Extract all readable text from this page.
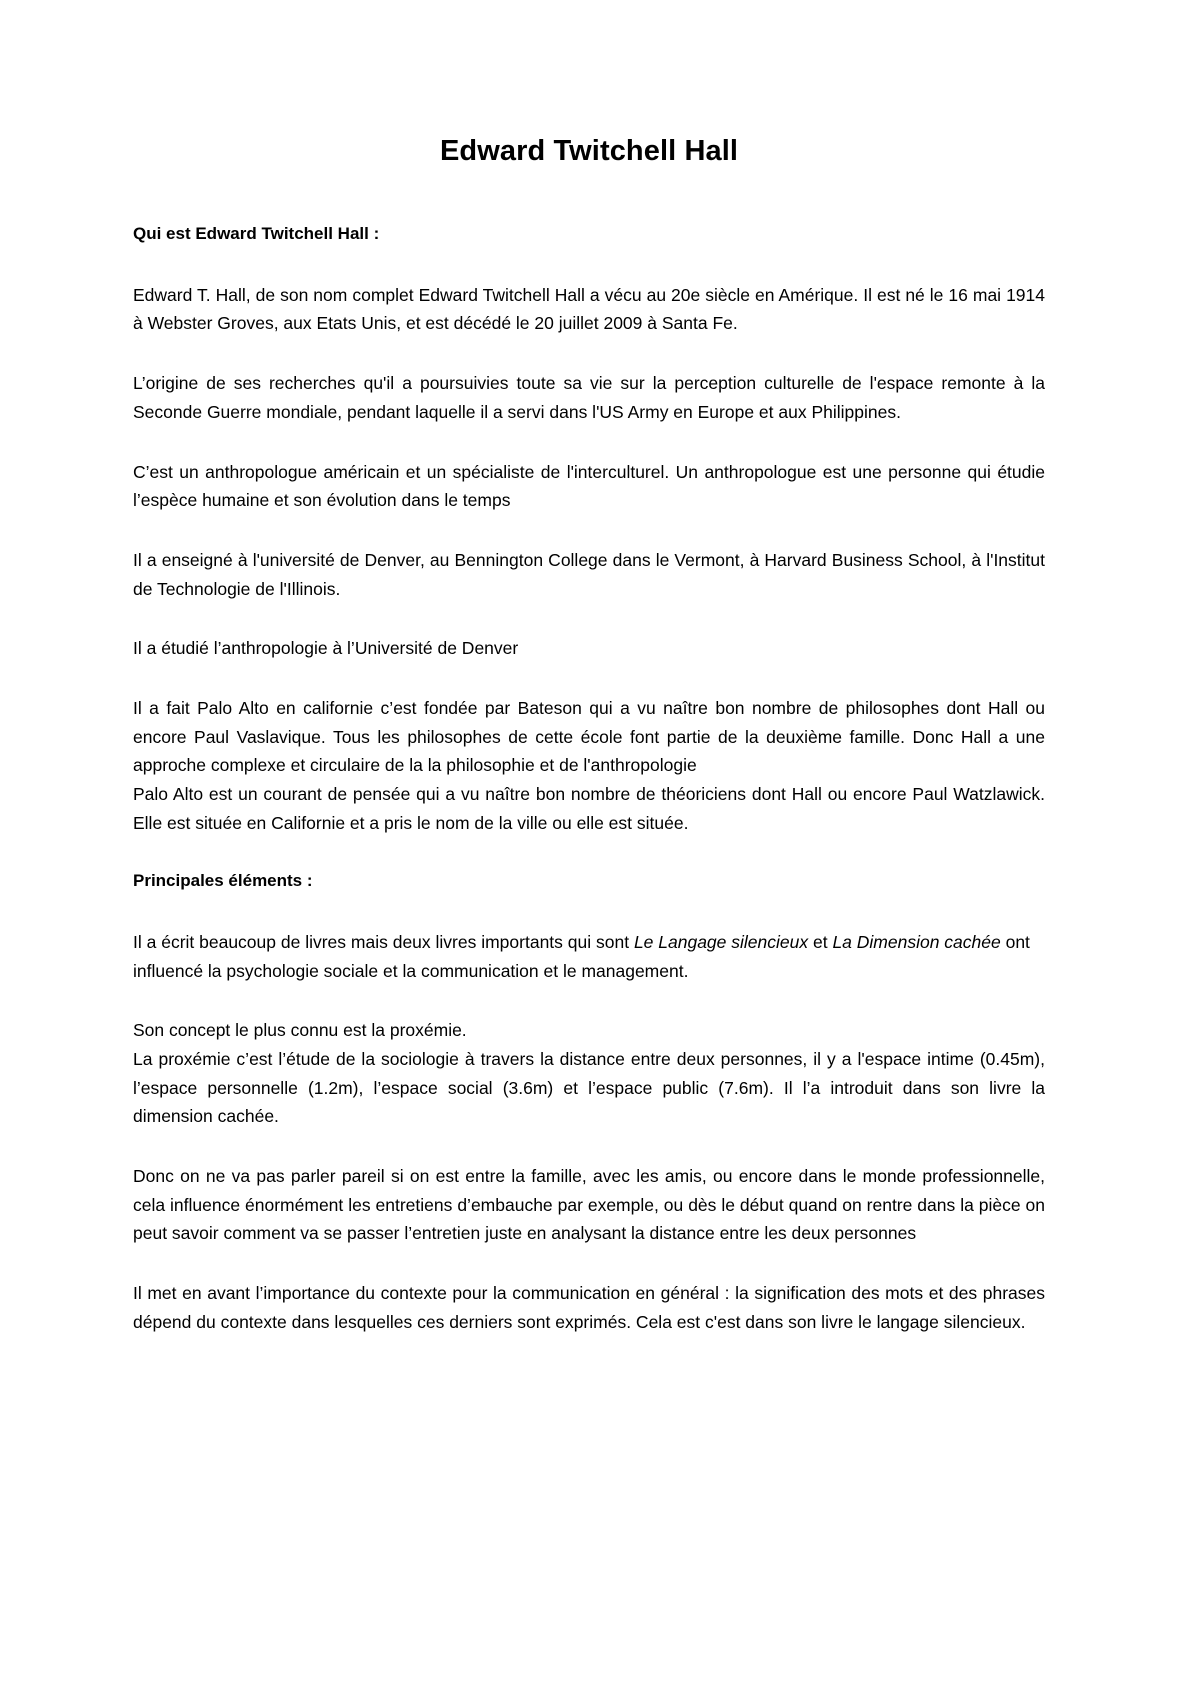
Edward Twitchell Hall
Qui est Edward Twitchell Hall :

Edward T. Hall, de son nom complet Edward Twitchell Hall a vécu au 20e siècle en Amérique. Il est né le 16 mai 1914 à Webster Groves, aux Etats Unis, et est décédé le 20 juillet 2009 à Santa Fe.

L’origine de ses recherches qu'il a poursuivies toute sa vie sur la perception culturelle de l'espace remonte à la Seconde Guerre mondiale, pendant laquelle il a servi dans l'US Army en Europe et aux Philippines.

C’est un anthropologue américain et un spécialiste de l'interculturel. Un anthropologue est une personne qui étudie l’espèce humaine et son évolution dans le temps

Il a enseigné à l'université de Denver, au Bennington College dans le Vermont, à Harvard Business School, à l'Institut de Technologie de l'Illinois.

Il a étudié l’anthropologie à l’Université de Denver

Il a fait Palo Alto en californie c’est fondée par Bateson qui a vu naître bon nombre de philosophes dont Hall ou encore Paul Vaslavique. Tous les philosophes de cette école font partie de la deuxième famille. Donc Hall a une approche complexe et circulaire de la la philosophie et de l'anthropologie
Palo Alto est un courant de pensée qui a vu naître bon nombre de théoriciens dont Hall ou encore Paul Watzlawick. Elle est située en Californie et a pris le nom de la ville ou elle est située.

Principales éléments :

Il a écrit beaucoup de livres mais deux livres importants qui sont Le Langage silencieux et La Dimension cachée ont influencé la psychologie sociale et la communication et le management.

Son concept le plus connu est la proxémie.
La proxémie c’est l’étude de la sociologie à travers la distance entre deux personnes, il y a l'espace intime (0.45m), l’espace personnelle (1.2m), l’espace social (3.6m) et l’espace public (7.6m). Il l’a introduit dans son livre la dimension cachée.

Donc on ne va pas parler pareil si on est entre la famille, avec les amis, ou encore dans le monde professionnelle, cela influence énormément les entretiens d’embauche par exemple, ou dès le début quand on rentre dans la pièce on peut savoir comment va se passer l’entretien juste en analysant la distance entre les deux personnes

Il met en avant l’importance du contexte pour la communication en général : la signification des mots et des phrases dépend du contexte dans lesquelles ces derniers sont exprimés. Cela est c'est dans son livre le langage silencieux.
